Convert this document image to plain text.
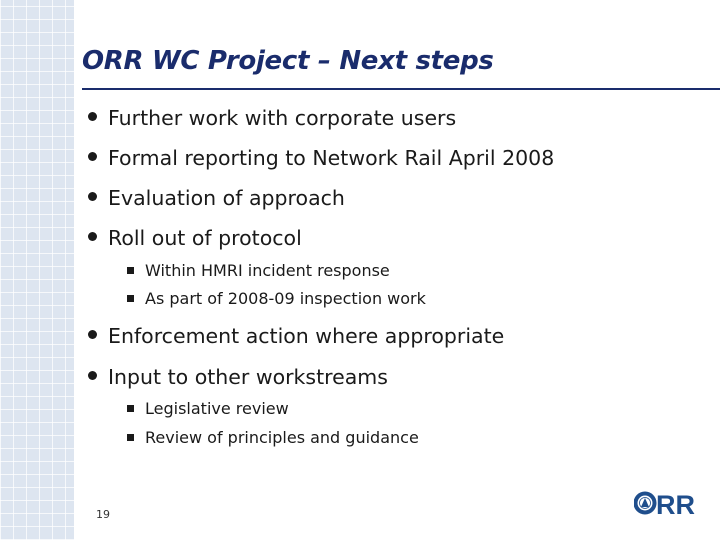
ORR WC Project – Next steps
Further work with corporate users
Formal reporting to Network Rail April 2008
Evaluation of approach
Roll out of protocol
Within HMRI incident response
As part of 2008-09 inspection work
Enforcement action where appropriate
Input to other workstreams
Legislative review
Review of principles and guidance
19	RR
